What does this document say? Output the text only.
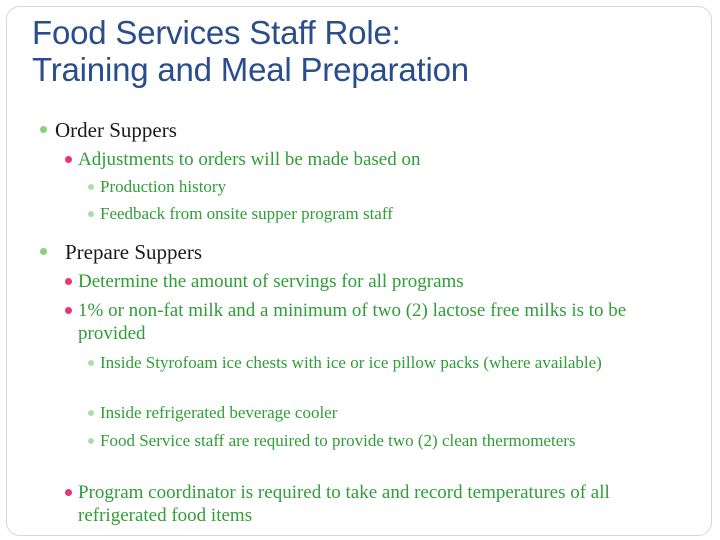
Food Services Staff Role:
Training and Meal Preparation
Order Suppers
Adjustments to orders will be made based on
Production history
Feedback from onsite supper program staff
Prepare Suppers
Determine the amount of servings for all programs
1% or non-fat milk and a minimum of two (2) lactose free milks is to be provided
Inside Styrofoam ice chests with ice or ice pillow packs (where available)
Inside refrigerated beverage cooler
Food Service staff are required to provide two (2) clean thermometers
Program coordinator is required to take and record temperatures of all refrigerated food items
